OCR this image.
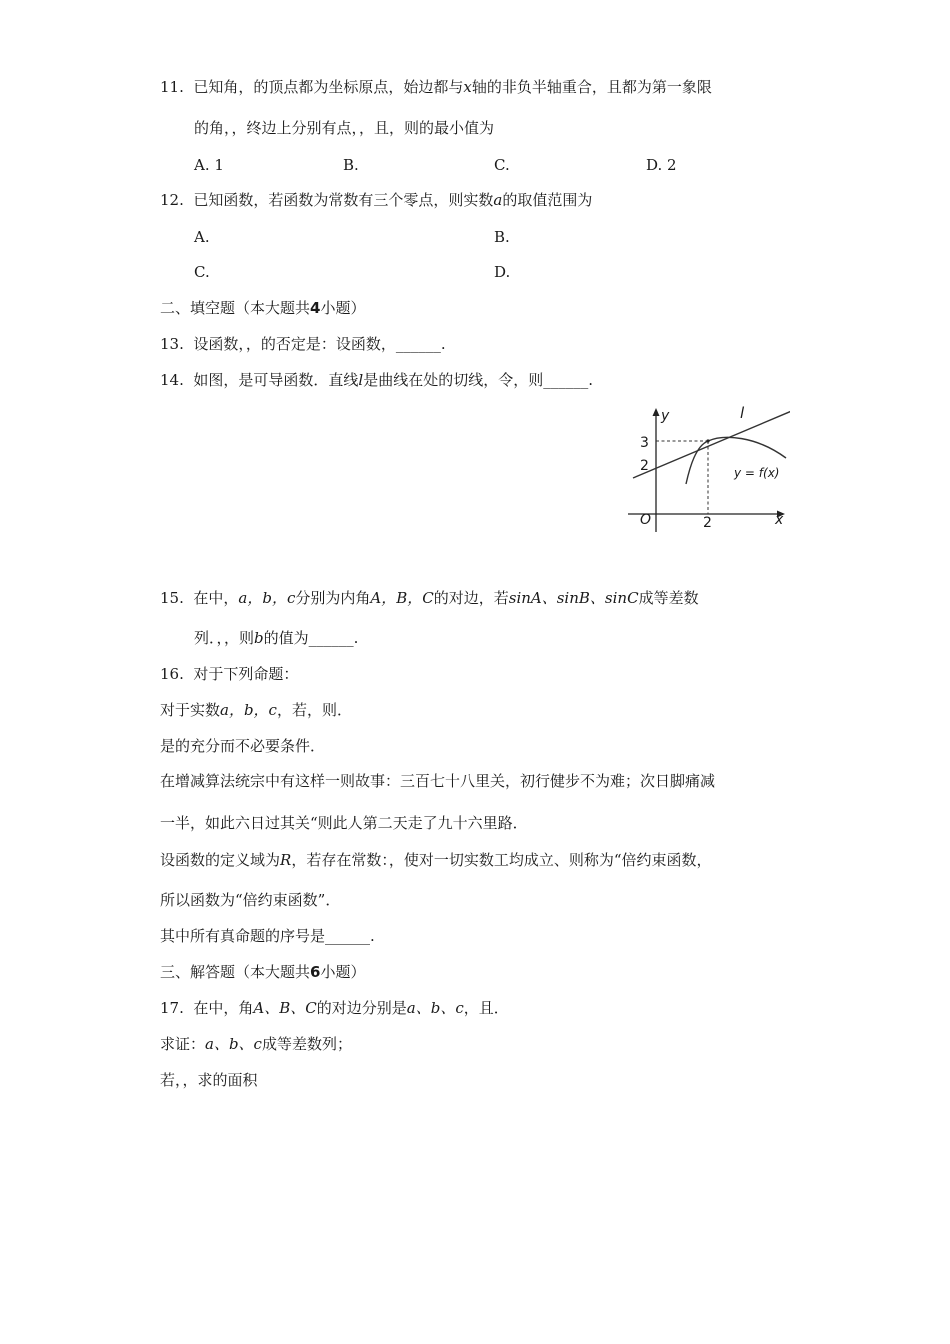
11. 已知角，的顶点都为坐标原点，始边都与x轴的非负半轴重合，且都为第一象限
的角，，终边上分别有点，，且，则的最小值为
A. 1	B.	C.	D. 2
12. 已知函数，若函数为常数有三个零点，则实数a的取值范围为
A.	B.
C.	D.
二、填空题（本大题共4小题）
13. 设函数，，的否定是：设函数，______.
14. 如图，是可导函数．直线l是曲线在处的切线，令，则______.
y
x
O
3
2
2
l
y = f(x)
15. 在中，a，b，c分别为内角A，B，C的对边，若sinA、sinB、sinC成等差数
列．，，则b的值为______.
16. 对于下列命题：
对于实数a，b，c，若，则．
是的充分而不必要条件．
在增减算法统宗中有这样一则故事：三百七十八里关，初行健步不为难；次日脚痛减
一半，如此六日过其关“则此人第二天走了九十六里路．
设函数的定义域为R，若存在常数：，使对一切实数工均成立、则称为“倍约束函数，
所以函数为“倍约束函数”．
其中所有真命题的序号是______.
三、解答题（本大题共6小题）
17. 在中，角A、B、C的对边分别是a、b、c，且．
求证：a、b、c成等差数列；
若，，求的面积
